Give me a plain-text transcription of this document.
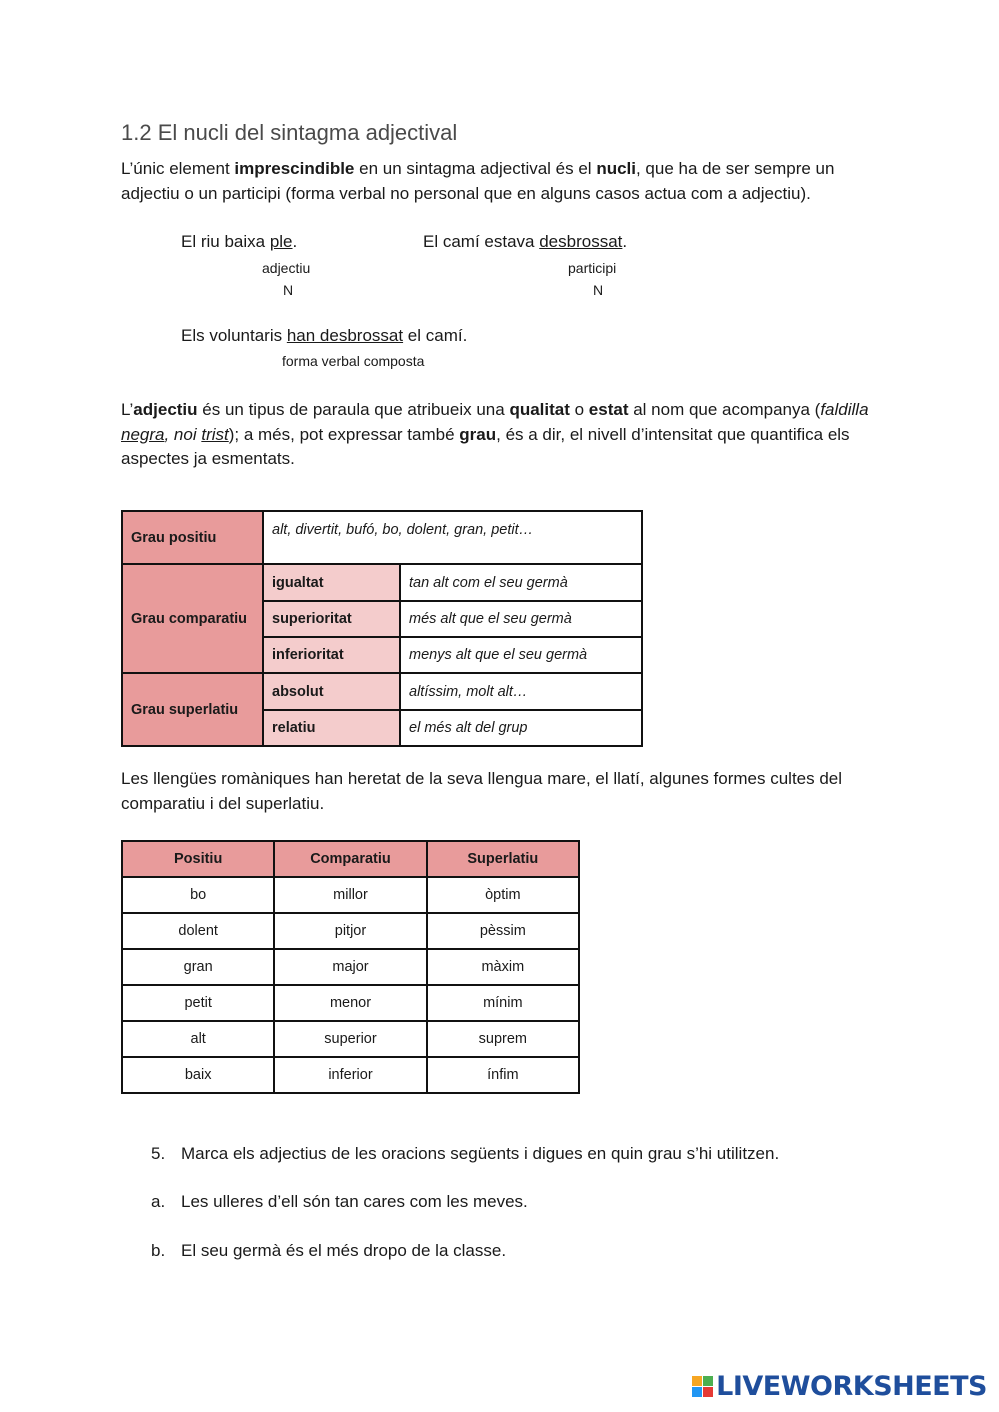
1.2 El nucli del sintagma adjectival
L’únic element imprescindible en un sintagma adjectival és el nucli, que ha de ser sempre un adjectiu o un participi (forma verbal no personal que en alguns casos actua com a adjectiu).
El riu baixa ple.
adjectiu
N
El camí estava desbrossat.
participi
N
Els voluntaris han desbrossat el camí.
forma verbal composta
L’adjectiu és un tipus de paraula que atribueix una qualitat o estat al nom que acompanya (faldilla negra, noi trist); a més, pot expressar també grau, és a dir, el nivell d’intensitat que quantifica els aspectes ja esmentats.
Grau positiu	alt, divertit, bufó, bo, dolent, gran, petit…	
Grau comparatiu	igualtat	tan alt com el seu germà
	superioritat	més alt que el seu germà
	inferioritat	menys alt que el seu germà
Grau superlatiu	absolut	altíssim, molt alt…
	relatiu	el més alt del grup
Les llengües romàniques han heretat de la seva llengua mare, el llatí, algunes formes cultes del comparatiu i del superlatiu.
Positiu	Comparatiu	Superlatiu
bo	millor	òptim
dolent	pitjor	pèssim
gran	major	màxim
petit	menor	mínim
alt	superior	suprem
baix	inferior	ínfim
5. Marca els adjectius de les oracions següents i digues en quin grau s’hi utilitzen.
a. Les ulleres d’ell són tan cares com les meves.
b. El seu germà és el més dropo de la classe.
LIVEWORKSHEETS
